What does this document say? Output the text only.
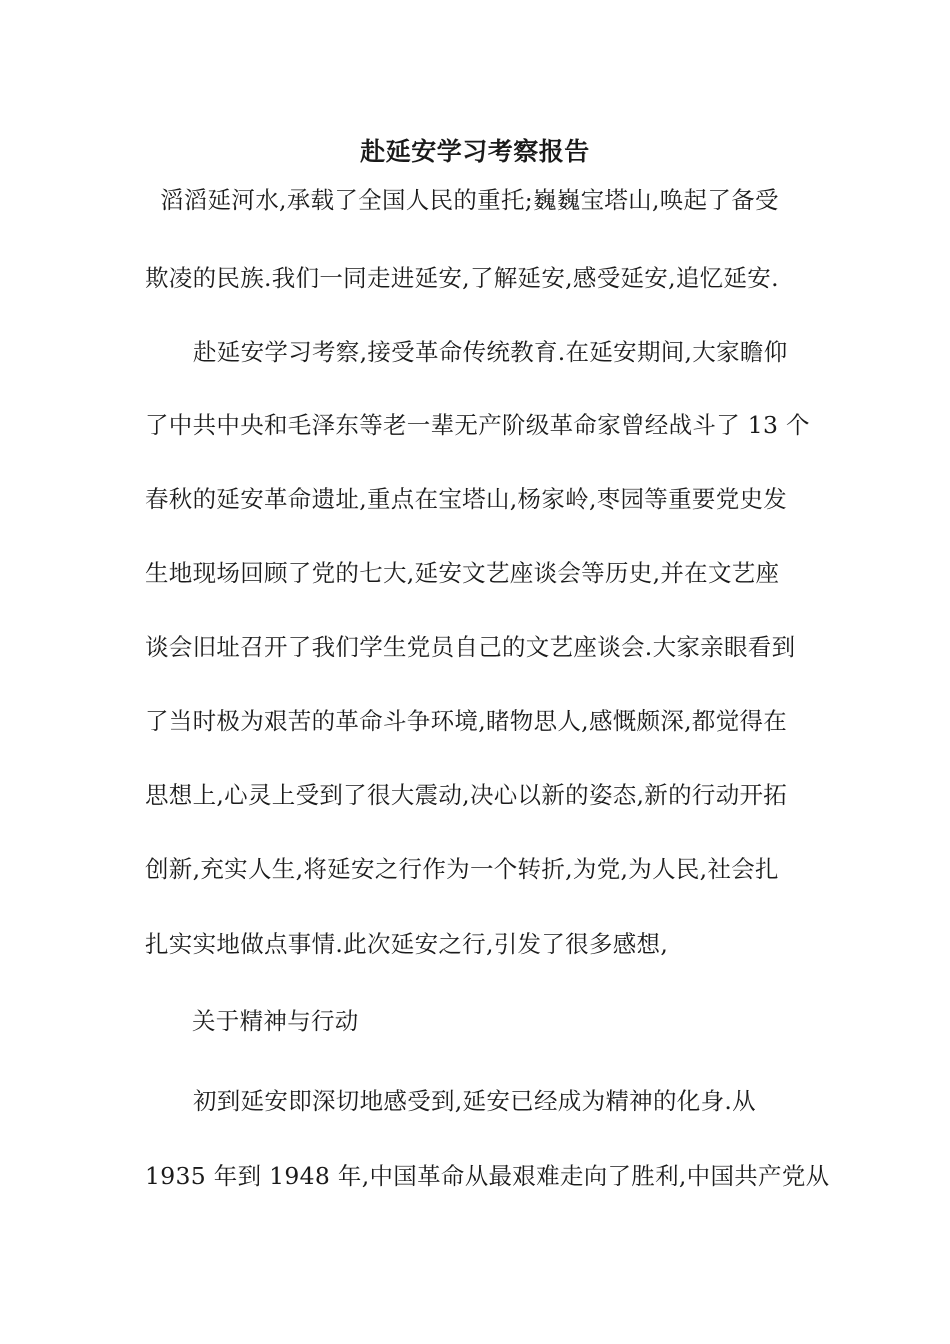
赴延安学习考察报告
滔滔延河水,承载了全国人民的重托;巍巍宝塔山,唤起了备受
欺凌的民族.我们一同走进延安,了解延安,感受延安,追忆延安.
赴延安学习考察,接受革命传统教育.在延安期间,大家瞻仰
了中共中央和毛泽东等老一辈无产阶级革命家曾经战斗了 13 个
春秋的延安革命遗址,重点在宝塔山,杨家岭,枣园等重要党史发
生地现场回顾了党的七大,延安文艺座谈会等历史,并在文艺座
谈会旧址召开了我们学生党员自己的文艺座谈会.大家亲眼看到
了当时极为艰苦的革命斗争环境,睹物思人,感慨颇深,都觉得在
思想上,心灵上受到了很大震动,决心以新的姿态,新的行动开拓
创新,充实人生,将延安之行作为一个转折,为党,为人民,社会扎
扎实实地做点事情.此次延安之行,引发了很多感想,
关于精神与行动
初到延安即深切地感受到,延安已经成为精神的化身.从
1935 年到 1948 年,中国革命从最艰难走向了胜利,中国共产党从
